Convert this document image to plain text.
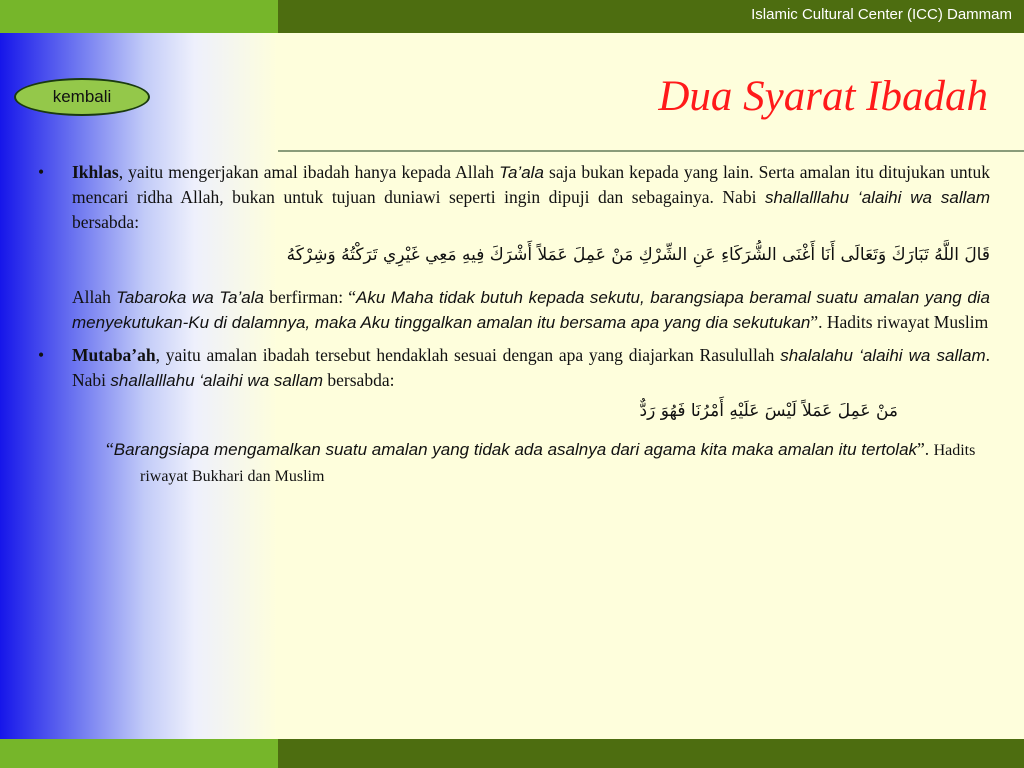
Islamic Cultural Center (ICC) Dammam
kembali	Dua Syarat Ibadah
•	Ikhlas, yaitu mengerjakan amal ibadah hanya kepada Allah Ta’ala saja bukan kepada yang lain. Serta amalan itu ditujukan untuk mencari ridha Allah, bukan untuk tujuan duniawi seperti ingin dipuji dan sebagainya. Nabi shallalllahu ‘alaihi wa sallam bersabda:
قَالَ اللَّهُ تَبَارَكَ وَتَعَالَى أَنَا أَغْنَى الشُّرَكَاءِ عَنِ الشِّرْكِ مَنْ عَمِلَ عَمَلاً أَشْرَكَ فِيهِ مَعِي غَيْرِي تَرَكْتُهُ وَشِرْكَهُ
Allah Tabaroka wa Ta’ala berfirman: “Aku Maha tidak butuh kepada sekutu, barangsiapa beramal suatu amalan yang dia menyekutukan-Ku di dalamnya, maka Aku tinggalkan amalan itu bersama apa yang dia sekutukan”. Hadits riwayat Muslim
•	Mutaba’ah, yaitu amalan ibadah tersebut hendaklah sesuai dengan apa yang diajarkan Rasulullah shalalahu ‘alaihi wa sallam. Nabi shallalllahu ‘alaihi wa sallam bersabda:
مَنْ عَمِلَ عَمَلاً لَيْسَ عَلَيْهِ أَمْرُنَا فَهُوَ رَدٌّ
“Barangsiapa mengamalkan suatu amalan yang tidak ada asalnya dari agama kita maka amalan itu tertolak”. Hadits riwayat Bukhari dan Muslim
